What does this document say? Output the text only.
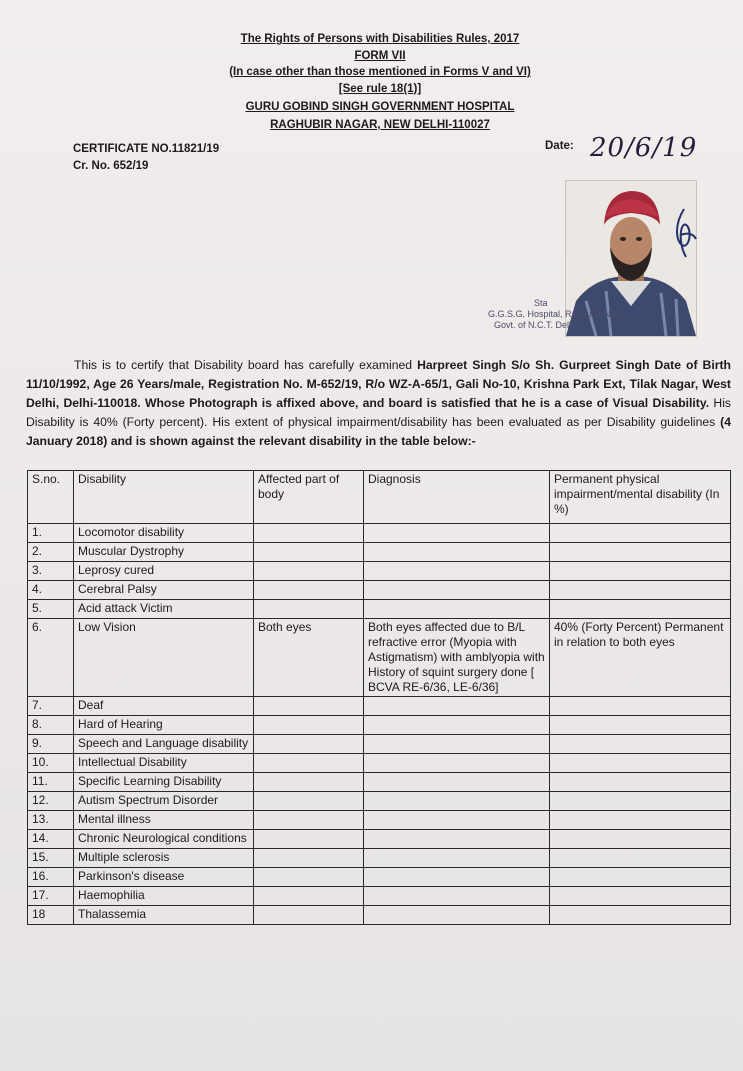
The Rights of Persons with Disabilities Rules, 2017
FORM VII
(In case other than those mentioned in Forms V and VI)
[See rule 18(1)]
GURU GOBIND SINGH GOVERNMENT HOSPITAL
RAGHUBIR NAGAR, NEW DELHI-110027
CERTIFICATE NO.11821/19
Cr. No. 652/19
Date: 20/6/19
Sta
G.G.S.G. Hospital, Raghubir Nagar
Govt. of N.C.T. Delhi
This is to certify that Disability board has carefully examined Harpreet Singh S/o Sh. Gurpreet Singh Date of Birth 11/10/1992, Age 26 Years/male, Registration No. M-652/19, R/o WZ-A-65/1, Gali No-10, Krishna Park Ext, Tilak Nagar, West Delhi, Delhi-110018. Whose Photograph is affixed above, and board is satisfied that he is a case of Visual Disability. His Disability is 40% (Forty percent). His extent of physical impairment/disability has been evaluated as per Disability guidelines (4 January 2018) and is shown against the relevant disability in the table below:-
S.no.	Disability	Affected part of body	Diagnosis	Permanent physical impairment/mental disability (In %)
1.	Locomotor disability			
2.	Muscular Dystrophy			
3.	Leprosy cured			
4.	Cerebral Palsy			
5.	Acid attack Victim			
6.	Low Vision	Both eyes	Both eyes affected due to B/L refractive error (Myopia with Astigmatism) with amblyopia with History of squint surgery done [ BCVA RE-6/36, LE-6/36]	40% (Forty Percent) Permanent in relation to both eyes
7.	Deaf			
8.	Hard of Hearing			
9.	Speech and Language disability			
10.	Intellectual Disability			
11.	Specific Learning Disability			
12.	Autism Spectrum Disorder			
13.	Mental illness			
14.	Chronic Neurological conditions			
15.	Multiple sclerosis			
16.	Parkinson's disease			
17.	Haemophilia			
18	Thalassemia			
